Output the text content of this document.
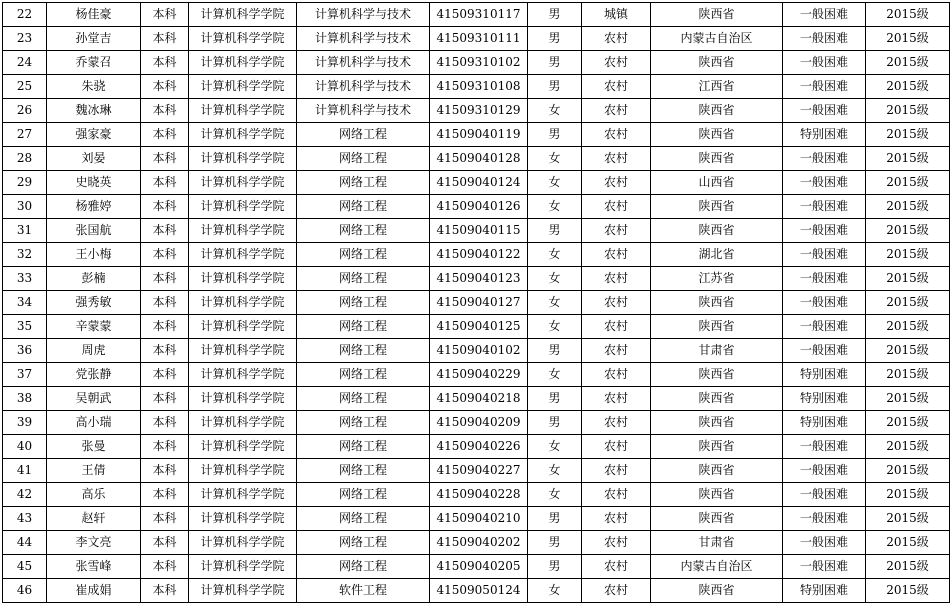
22	杨佳豪	本科	计算机科学学院	计算机科学与技术	41509310117	男	城镇	陕西省	一般困难	2015级
23	孙堂吉	本科	计算机科学学院	计算机科学与技术	41509310111	男	农村	内蒙古自治区	一般困难	2015级
24	乔蒙召	本科	计算机科学学院	计算机科学与技术	41509310102	男	农村	陕西省	一般困难	2015级
25	朱骁	本科	计算机科学学院	计算机科学与技术	41509310108	男	农村	江西省	一般困难	2015级
26	魏冰琳	本科	计算机科学学院	计算机科学与技术	41509310129	女	农村	陕西省	一般困难	2015级
27	强家豪	本科	计算机科学学院	网络工程	41509040119	男	农村	陕西省	特别困难	2015级
28	刘晏	本科	计算机科学学院	网络工程	41509040128	女	农村	陕西省	一般困难	2015级
29	史晓英	本科	计算机科学学院	网络工程	41509040124	女	农村	山西省	一般困难	2015级
30	杨雅婷	本科	计算机科学学院	网络工程	41509040126	女	农村	陕西省	一般困难	2015级
31	张国航	本科	计算机科学学院	网络工程	41509040115	男	农村	陕西省	一般困难	2015级
32	王小梅	本科	计算机科学学院	网络工程	41509040122	女	农村	湖北省	一般困难	2015级
33	彭楠	本科	计算机科学学院	网络工程	41509040123	女	农村	江苏省	一般困难	2015级
34	强秀敏	本科	计算机科学学院	网络工程	41509040127	女	农村	陕西省	一般困难	2015级
35	辛蒙蒙	本科	计算机科学学院	网络工程	41509040125	女	农村	陕西省	一般困难	2015级
36	周虎	本科	计算机科学学院	网络工程	41509040102	男	农村	甘肃省	一般困难	2015级
37	党张静	本科	计算机科学学院	网络工程	41509040229	女	农村	陕西省	特别困难	2015级
38	吴朝武	本科	计算机科学学院	网络工程	41509040218	男	农村	陕西省	特别困难	2015级
39	高小瑞	本科	计算机科学学院	网络工程	41509040209	男	农村	陕西省	特别困难	2015级
40	张曼	本科	计算机科学学院	网络工程	41509040226	女	农村	陕西省	一般困难	2015级
41	王倩	本科	计算机科学学院	网络工程	41509040227	女	农村	陕西省	一般困难	2015级
42	高乐	本科	计算机科学学院	网络工程	41509040228	女	农村	陕西省	一般困难	2015级
43	赵轩	本科	计算机科学学院	网络工程	41509040210	男	农村	陕西省	一般困难	2015级
44	李文亮	本科	计算机科学学院	网络工程	41509040202	男	农村	甘肃省	一般困难	2015级
45	张雪峰	本科	计算机科学学院	网络工程	41509040205	男	农村	内蒙古自治区	一般困难	2015级
46	崔成娟	本科	计算机科学学院	软件工程	41509050124	女	农村	陕西省	特别困难	2015级
